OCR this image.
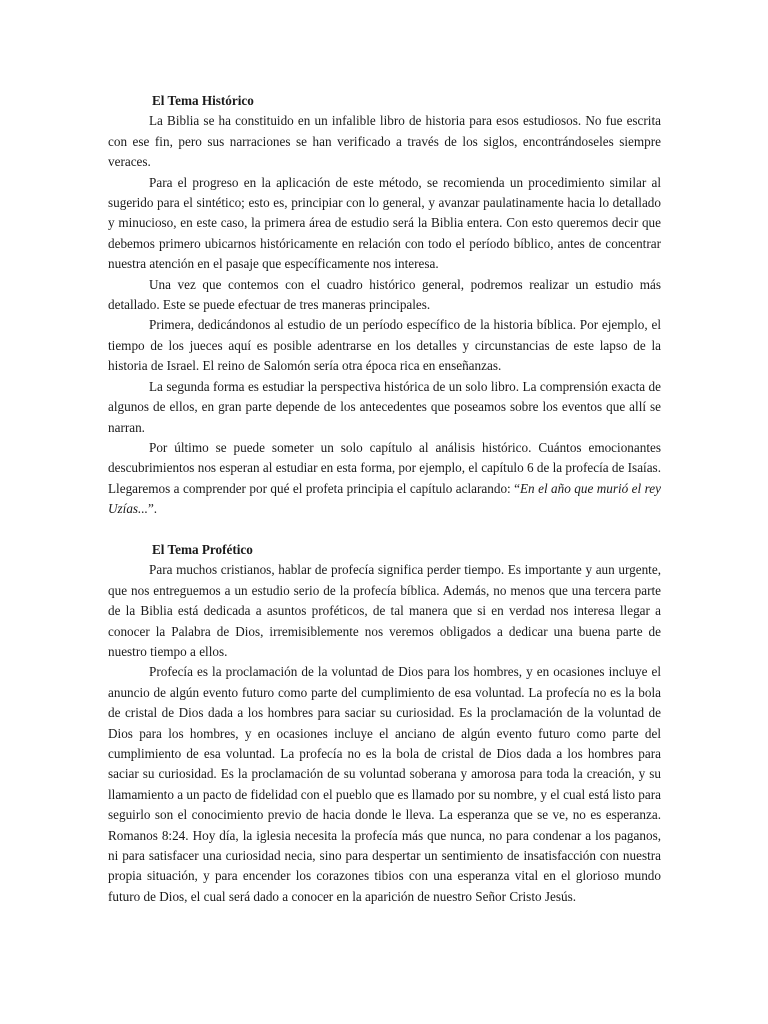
El Tema Histórico

La Biblia se ha constituido en un infalible libro de historia para esos estudiosos. No fue escrita con ese fin, pero sus narraciones se han verificado a través de los siglos, encontrándoseles siempre veraces.

Para el progreso en la aplicación de este método, se recomienda un procedimiento similar al sugerido para el sintético; esto es, principiar con lo general, y avanzar paulatinamente hacia lo detallado y minucioso, en este caso, la primera área de estudio será la Biblia entera. Con esto queremos decir que debemos primero ubicarnos históricamente en relación con todo el período bíblico, antes de concentrar nuestra atención en el pasaje que específicamente nos interesa.

Una vez que contemos con el cuadro histórico general, podremos realizar un estudio más detallado. Este se puede efectuar de tres maneras principales.

Primera, dedicándonos al estudio de un período específico de la historia bíblica. Por ejemplo, el tiempo de los jueces aquí es posible adentrarse en los detalles y circunstancias de este lapso de la historia de Israel. El reino de Salomón sería otra época rica en enseñanzas.

La segunda forma es estudiar la perspectiva histórica de un solo libro. La comprensión exacta de algunos de ellos, en gran parte depende de los antecedentes que poseamos sobre los eventos que allí se narran.

Por último se puede someter un solo capítulo al análisis histórico. Cuántos emocionantes descubrimientos nos esperan al estudiar en esta forma, por ejemplo, el capítulo 6 de la profecía de Isaías. Llegaremos a comprender por qué el profeta principia el capítulo aclarando: “En el año que murió el rey Uzías...”.

El Tema Profético

Para muchos cristianos, hablar de profecía significa perder tiempo. Es importante y aun urgente, que nos entreguemos a un estudio serio de la profecía bíblica. Además, no menos que una tercera parte de la Biblia está dedicada a asuntos proféticos, de tal manera que si en verdad nos interesa llegar a conocer la Palabra de Dios, irremisiblemente nos veremos obligados a dedicar una buena parte de nuestro tiempo a ellos.

Profecía es la proclamación de la voluntad de Dios para los hombres, y en ocasiones incluye el anuncio de algún evento futuro como parte del cumplimiento de esa voluntad. La profecía no es la bola de cristal de Dios dada a los hombres para saciar su curiosidad. Es la proclamación de la voluntad de Dios para los hombres, y en ocasiones incluye el anciano de algún evento futuro como parte del cumplimiento de esa voluntad. La profecía no es la bola de cristal de Dios dada a los hombres para saciar su curiosidad. Es la proclamación de su voluntad soberana y amorosa para toda la creación, y su llamamiento a un pacto de fidelidad con el pueblo que es llamado por su nombre, y el cual está listo para seguirlo son el conocimiento previo de hacia donde le lleva. La esperanza que se ve, no es esperanza. Romanos 8:24. Hoy día, la iglesia necesita la profecía más que nunca, no para condenar a los paganos, ni para satisfacer una curiosidad necia, sino para despertar un sentimiento de insatisfacción con nuestra propia situación, y para encender los corazones tibios con una esperanza vital en el glorioso mundo futuro de Dios, el cual será dado a conocer en la aparición de nuestro Señor Cristo Jesús.
